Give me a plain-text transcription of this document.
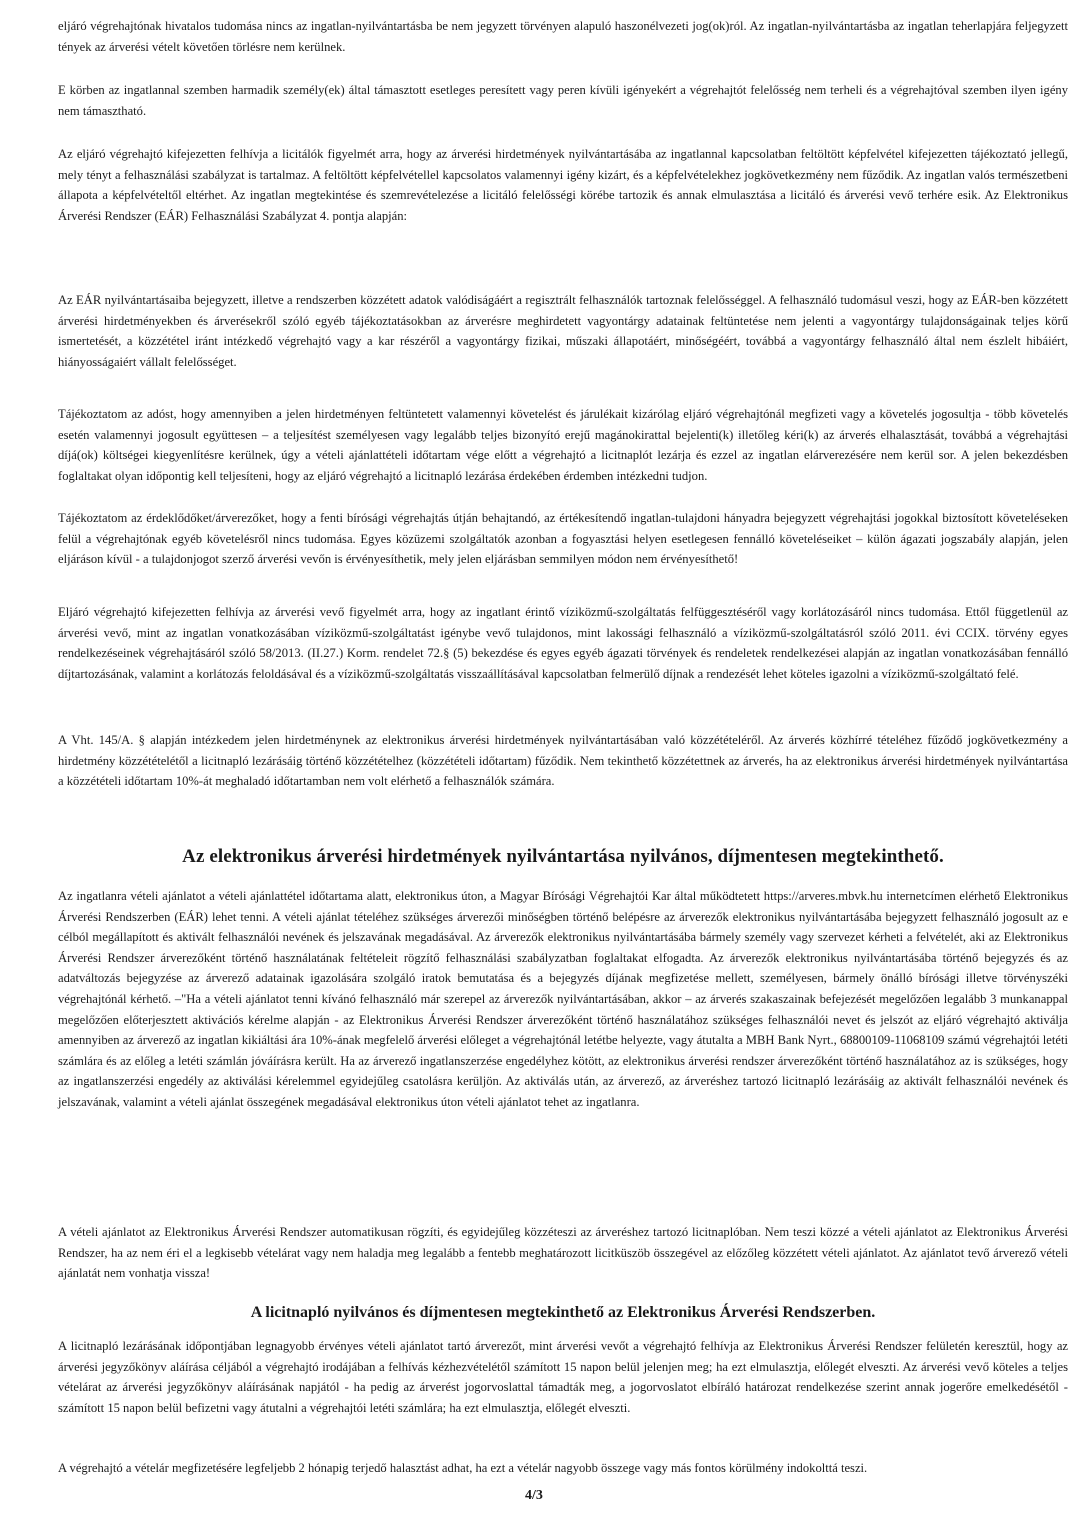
eljáró végrehajtónak hivatalos tudomása nincs az ingatlan-nyilvántartásba be nem jegyzett törvényen alapuló haszonélvezeti jog(ok)ról. Az ingatlan-nyilvántartásba az ingatlan teherlapjára feljegyzett tények az árverési vételt követően törlésre nem kerülnek.

E körben az ingatlannal szemben harmadik személy(ek) által támasztott esetleges peresített vagy peren kívüli igényekért a végrehajtót felelősség nem terheli és a végrehajtóval szemben ilyen igény nem támasztható.

Az eljáró végrehajtó kifejezetten felhívja a licitálók figyelmét arra, hogy az árverési hirdetmények nyilvántartásába az ingatlannal kapcsolatban feltöltött képfelvétel kifejezetten tájékoztató jellegű, mely tényt a felhasználási szabályzat is tartalmaz. A feltöltött képfelvétellel kapcsolatos valamennyi igény kizárt, és a képfelvételekhez jogkövetkezmény nem fűződik. Az ingatlan valós természetbeni állapota a képfelvételtől eltérhet. Az ingatlan megtekintése és szemrevételezése a licitáló felelősségi körébe tartozik és annak elmulasztása a licitáló és árverési vevő terhére esik. Az Elektronikus Árverési Rendszer (EÁR) Felhasználási Szabályzat 4. pontja alapján:

Az EÁR nyilvántartásaiba bejegyzett, illetve a rendszerben közzétett adatok valódiságáért a regisztrált felhasználók tartoznak felelősséggel. A felhasználó tudomásul veszi, hogy az EÁR-ben közzétett árverési hirdetményekben és árverésekről szóló egyéb tájékoztatásokban az árverésre meghirdetett vagyontárgy adatainak feltüntetése nem jelenti a vagyontárgy tulajdonságainak teljes körű ismertetését, a közzététel iránt intézkedő végrehajtó vagy a kar részéről a vagyontárgy fizikai, műszaki állapotáért, minőségéért, továbbá a vagyontárgy felhasználó által nem észlelt hibáiért, hiányosságaiért vállalt felelősséget.

Tájékoztatom az adóst, hogy amennyiben a jelen hirdetményen feltüntetett valamennyi követelést és járulékait kizárólag eljáró végrehajtónál megfizeti vagy a követelés jogosultja - több követelés esetén valamennyi jogosult együttesen – a teljesítést személyesen vagy legalább teljes bizonyító erejű magánokirattal bejelenti(k) illetőleg kéri(k) az árverés elhalasztását, továbbá a végrehajtási díjá(ok) költségei kiegyenlítésre kerülnek, úgy a vételi ajánlattételi időtartam vége előtt a végrehajtó a licitnaplót lezárja és ezzel az ingatlan elárverezésére nem kerül sor. A jelen bekezdésben foglaltakat olyan időpontig kell teljesíteni, hogy az eljáró végrehajtó a licitnapló lezárása érdekében érdemben intézkedni tudjon.

Tájékoztatom az érdeklődőket/árverezőket, hogy a fenti bírósági végrehajtás útján behajtandó, az értékesítendő ingatlan-tulajdoni hányadra bejegyzett végrehajtási jogokkal biztosított követeléseken felül a végrehajtónak egyéb követelésről nincs tudomása. Egyes közüzemi szolgáltatók azonban a fogyasztási helyen esetlegesen fennálló követeléseiket – külön ágazati jogszabály alapján, jelen eljáráson kívül - a tulajdonjogot szerző árverési vevőn is érvényesíthetik, mely jelen eljárásban semmilyen módon nem érvényesíthető!

Eljáró végrehajtó kifejezetten felhívja az árverési vevő figyelmét arra, hogy az ingatlant érintő víziközmű-szolgáltatás felfüggesztéséről vagy korlátozásáról nincs tudomása. Ettől függetlenül az árverési vevő, mint az ingatlan vonatkozásában víziközmű-szolgáltatást igénybe vevő tulajdonos, mint lakossági felhasználó a víziközmű-szolgáltatásról szóló 2011. évi CCIX. törvény egyes rendelkezéseinek végrehajtásáról szóló 58/2013. (II.27.) Korm. rendelet 72.§ (5) bekezdése és egyes egyéb ágazati törvények és rendeletek rendelkezései alapján az ingatlan vonatkozásában fennálló díjtartozásának, valamint a korlátozás feloldásával és a víziközmű-szolgáltatás visszaállításával kapcsolatban felmerülő díjnak a rendezését lehet köteles igazolni a víziközmű-szolgáltató felé.

A Vht. 145/A. § alapján intézkedem jelen hirdetménynek az elektronikus árverési hirdetmények nyilvántartásában való közzétételéről. Az árverés közhírré tételéhez fűződő jogkövetkezmény a hirdetmény közzétételétől a licitnapló lezárásáig történő közzétételhez (közzétételi időtartam) fűződik. Nem tekinthető közzétettnek az árverés, ha az elektronikus árverési hirdetmények nyilvántartása a közzétételi időtartam 10%-át meghaladó időtartamban nem volt elérhető a felhasználók számára.

Az elektronikus árverési hirdetmények nyilvántartása nyilvános, díjmentesen megtekinthető.

Az ingatlanra vételi ajánlatot a vételi ajánlattétel időtartama alatt, elektronikus úton, a Magyar Bírósági Végrehajtói Kar által működtetett https://arveres.mbvk.hu internetcímen elérhető Elektronikus Árverési Rendszerben (EÁR) lehet tenni. A vételi ajánlat tételéhez szükséges árverezői minőségben történő belépésre az árverezők elektronikus nyilvántartásába bejegyzett felhasználó jogosult az e célból megállapított és aktivált felhasználói nevének és jelszavának megadásával. Az árverezők elektronikus nyilvántartásába bármely személy vagy szervezet kérheti a felvételét, aki az Elektronikus Árverési Rendszer árverezőként történő használatának feltételeit rögzítő felhasználási szabályzatban foglaltakat elfogadta. Az árverezők elektronikus nyilvántartásába történő bejegyzés és az adatváltozás bejegyzése az árverező adatainak igazolására szolgáló iratok bemutatása és a bejegyzés díjának megfizetése mellett, személyesen, bármely önálló bírósági illetve törvényszéki végrehajtónál kérhető. –"Ha a vételi ajánlatot tenni kívánó felhasználó már szerepel az árverezők nyilvántartásában, akkor – az árverés szakaszainak befejezését megelőzően legalább 3 munkanappal megelőzően előterjesztett aktivációs kérelme alapján - az Elektronikus Árverési Rendszer árverezőként történő használatához szükséges felhasználói nevet és jelszót az eljáró végrehajtó aktiválja amennyiben az árverező az ingatlan kikiáltási ára 10%-ának megfelelő árverési előleget a végrehajtónál letétbe helyezte, vagy átutalta a MBH Bank Nyrt., 68800109-11068109 számú végrehajtói letéti számlára és az előleg a letéti számlán jóváírásra került. Ha az árverező ingatlanszerzése engedélyhez kötött, az elektronikus árverési rendszer árverezőként történő használatához az is szükséges, hogy az ingatlanszerzési engedély az aktiválási kérelemmel egyidejűleg csatolásra kerüljön. Az aktiválás után, az árverező, az árveréshez tartozó licitnapló lezárásáig az aktivált felhasználói nevének és jelszavának, valamint a vételi ajánlat összegének megadásával elektronikus úton vételi ajánlatot tehet az ingatlanra.

A vételi ajánlatot az Elektronikus Árverési Rendszer automatikusan rögzíti, és egyidejűleg közzéteszi az árveréshez tartozó licitnaplóban. Nem teszi közzé a vételi ajánlatot az Elektronikus Árverési Rendszer, ha az nem éri el a legkisebb vételárat vagy nem haladja meg legalább a fentebb meghatározott licitküszöb összegével az előzőleg közzétett vételi ajánlatot. Az ajánlatot tevő árverező vételi ajánlatát nem vonhatja vissza!

A licitnapló nyilvános és díjmentesen megtekinthető az Elektronikus Árverési Rendszerben.

A licitnapló lezárásának időpontjában legnagyobb érvényes vételi ajánlatot tartó árverezőt, mint árverési vevőt a végrehajtó felhívja az Elektronikus Árverési Rendszer felületén keresztül, hogy az árverési jegyzőkönyv aláírása céljából a végrehajtó irodájában a felhívás kézhezvételétől számított 15 napon belül jelenjen meg; ha ezt elmulasztja, előlegét elveszti. Az árverési vevő köteles a teljes vételárat az árverési jegyzőkönyv aláírásának napjától - ha pedig az árverést jogorvoslattal támadták meg, a jogorvoslatot elbíráló határozat rendelkezése szerint annak jogerőre emelkedésétől - számított 15 napon belül befizetni vagy átutalni a végrehajtói letéti számlára; ha ezt elmulasztja, előlegét elveszti.

A végrehajtó a vételár megfizetésére legfeljebb 2 hónapig terjedő halasztást adhat, ha ezt a vételár nagyobb összege vagy más fontos körülmény indokolttá teszi.

4/3
